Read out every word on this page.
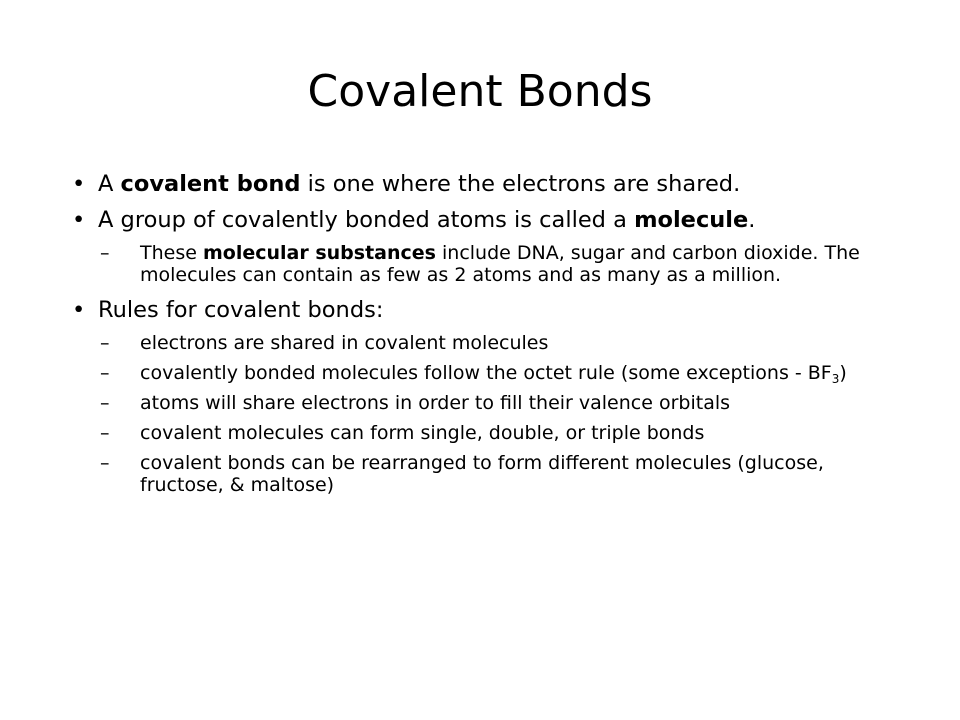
Covalent Bonds
• A covalent bond is one where the electrons are shared.
• A group of covalently bonded atoms is called a molecule.
– These molecular substances include DNA, sugar and carbon dioxide. The molecules can contain as few as 2 atoms and as many as a million.
• Rules for covalent bonds:
– electrons are shared in covalent molecules
– covalently bonded molecules follow the octet rule (some exceptions - $BF_3$)
– atoms will share electrons in order to fill their valence orbitals
– covalent molecules can form single, double, or triple bonds
– covalent bonds can be rearranged to form different molecules (glucose, fructose, & maltose)
